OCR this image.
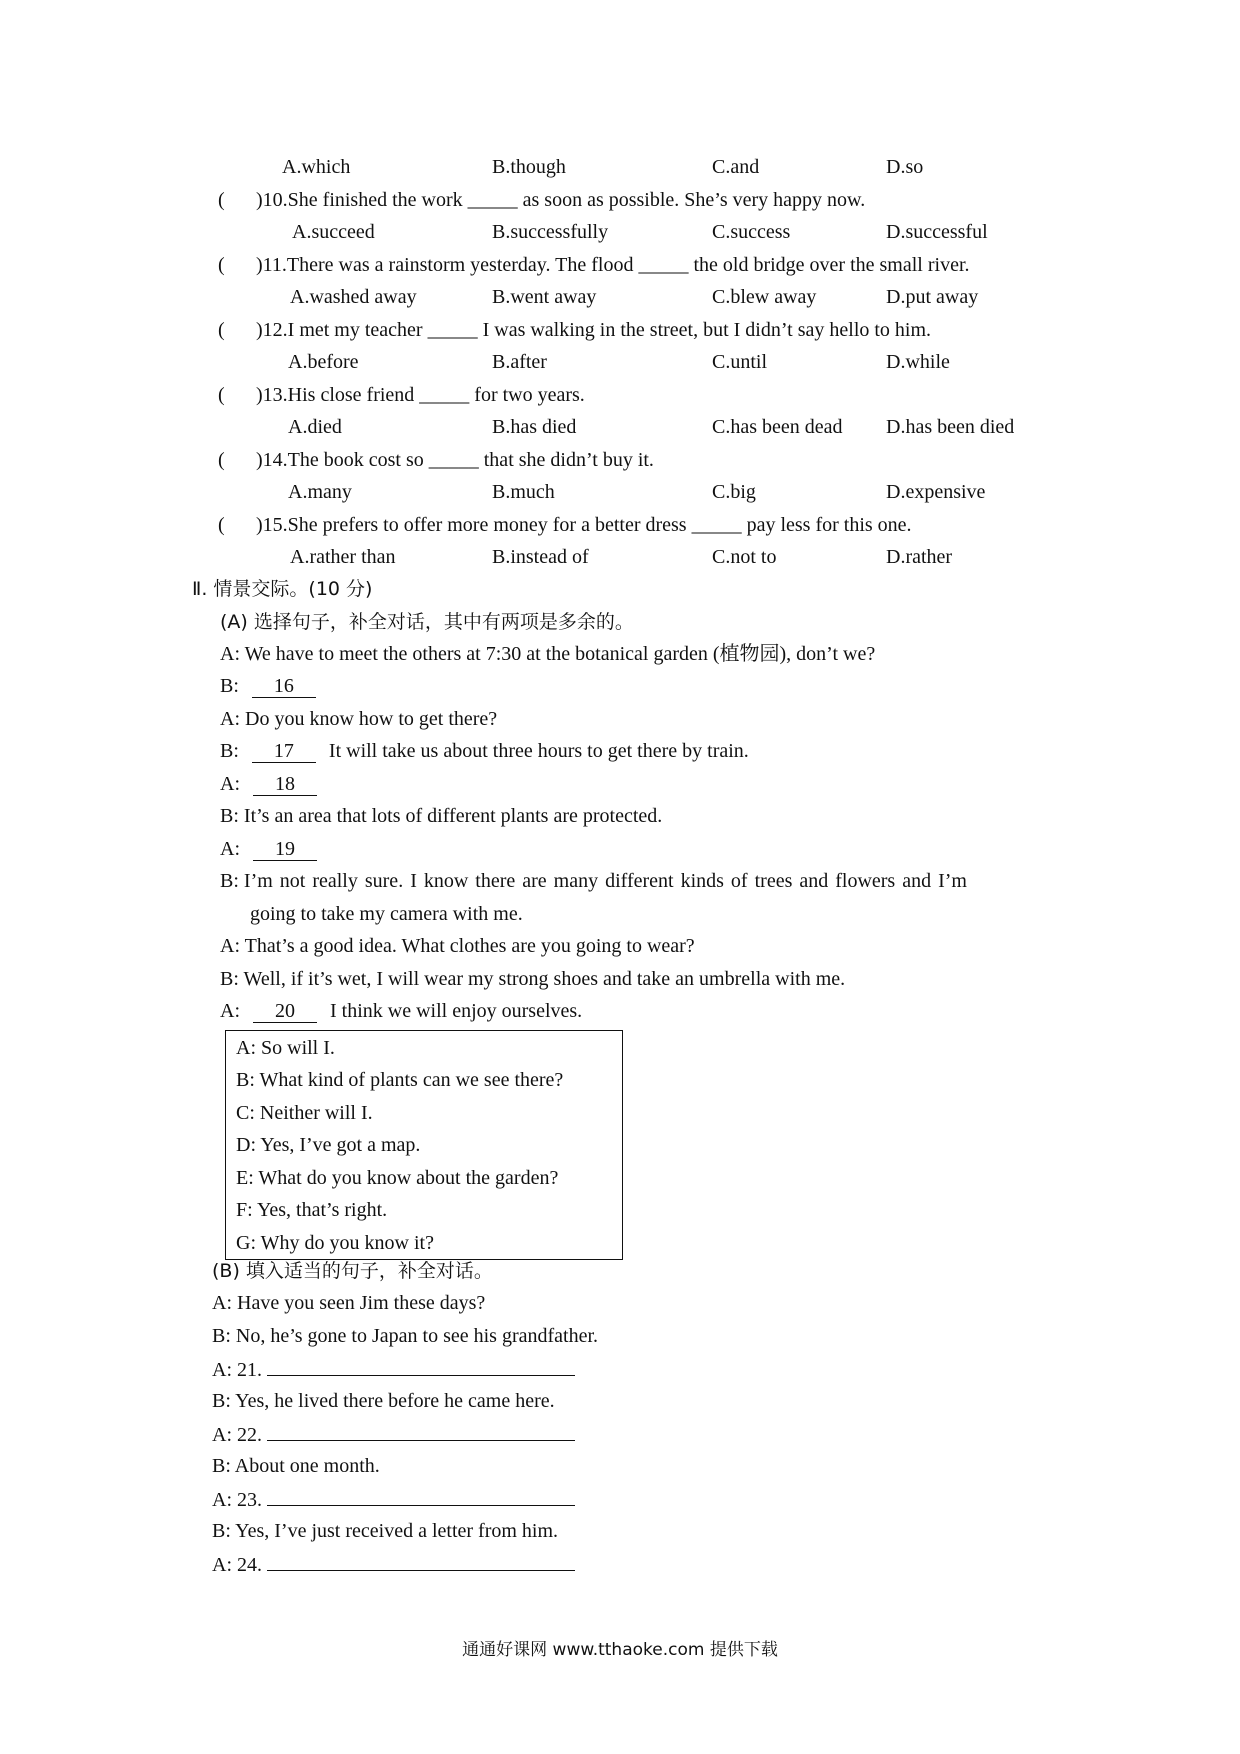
A.which	B.though	C.and	D.so
( )10.She finished the work _____ as soon as possible. She’s very happy now.
A.succeed	B.successfully	C.success	D.successful
( )11.There was a rainstorm yesterday. The flood _____ the old bridge over the small river.
A.washed away	B.went away	C.blew away	D.put away
( )12.I met my teacher _____ I was walking in the street, but I didn’t say hello to him.
A.before	B.after	C.until	D.while
( )13.His close friend _____ for two years.
A.died	B.has died	C.has been dead D.has been died
( )14.The book cost so _____ that she didn’t buy it.
A.many	B.much	C.big	D.expensive
( )15.She prefers to offer more money for a better dress _____ pay less for this one.
A.rather than	B.instead of	C.not to	D.rather
Ⅱ. 情景交际。(10 分)
(A) 选择句子，补全对话，其中有两项是多余的。
A: We have to meet the others at 7:30 at the botanical garden (植物园), don’t we?
B: 16
A: Do you know how to get there?
B: 17 It will take us about three hours to get there by train.
A: 18
B: It’s an area that lots of different plants are protected.
A: 19
B: I’m not really sure. I know there are many different kinds of trees and flowers and I’m
going to take my camera with me.
A: That’s a good idea. What clothes are you going to wear?
B: Well, if it’s wet, I will wear my strong shoes and take an umbrella with me.
A: 20 I think we will enjoy ourselves.
A: So will I.
B: What kind of plants can we see there?
C: Neither will I.
D: Yes, I’ve got a map.
E: What do you know about the garden?
F: Yes, that’s right.
G: Why do you know it?
(B) 填入适当的句子，补全对话。
A: Have you seen Jim these days?
B: No, he’s gone to Japan to see his grandfather.
A: 21.
B: Yes, he lived there before he came here.
A: 22.
B: About one month.
A: 23.
B: Yes, I’ve just received a letter from him.
A: 24.
通通好课网 www.tthaoke.com 提供下载
